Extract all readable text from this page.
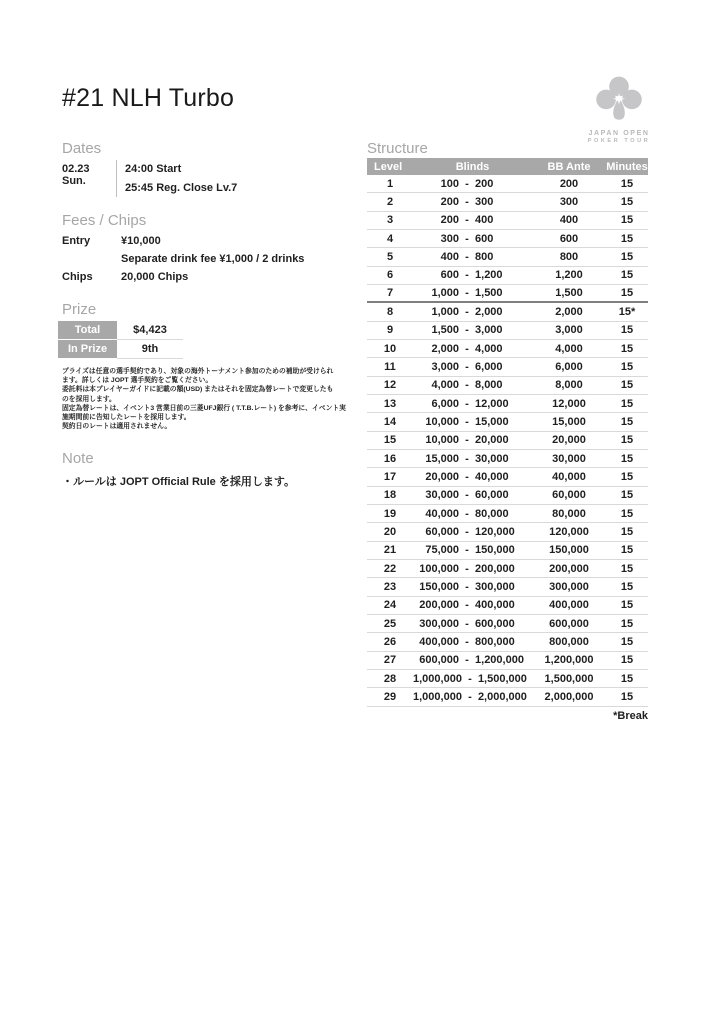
#21 NLH Turbo
JAPAN OPEN
POKER TOUR
Dates
02.23 Sun.
24:00 Start
25:45 Reg. Close Lv.7
Fees / Chips
Entry	¥10,000
Separate drink fee ¥1,000 / 2 drinks
Chips	20,000 Chips
Prize
Total	$4,423
In Prize	9th
プライズは任意の選手契約であり、対象の海外トーナメント参加のための補助が受けられ
ます。詳しくは JOPT 選手契約をご覧ください。
委託料は本プレイヤーガイドに記載の額(USD) またはそれを固定為替レートで変更したも
のを採用します。
固定為替レートは、イベント3 営業日前の三菱UFJ銀行 ( T.T.B.レート) を参考に、イベント実
施期間前に告知したレートを採用します。
契約日のレートは適用されません。
Note
・ルールは JOPT Official Rule を採用します。
Structure
Level	Blinds	BB Ante	Minutes
1	100 - 200	200	15
2	200 - 300	300	15
3	200 - 400	400	15
4	300 - 600	600	15
5	400 - 800	800	15
6	600 - 1,200	1,200	15
7	1,000 - 1,500	1,500	15
8	1,000 - 2,000	2,000	15*
9	1,500 - 3,000	3,000	15
10	2,000 - 4,000	4,000	15
11	3,000 - 6,000	6,000	15
12	4,000 - 8,000	8,000	15
13	6,000 - 12,000	12,000	15
14	10,000 - 15,000	15,000	15
15	10,000 - 20,000	20,000	15
16	15,000 - 30,000	30,000	15
17	20,000 - 40,000	40,000	15
18	30,000 - 60,000	60,000	15
19	40,000 - 80,000	80,000	15
20	60,000 - 120,000	120,000	15
21	75,000 - 150,000	150,000	15
22	100,000 - 200,000	200,000	15
23	150,000 - 300,000	300,000	15
24	200,000 - 400,000	400,000	15
25	300,000 - 600,000	600,000	15
26	400,000 - 800,000	800,000	15
27	600,000 - 1,200,000	1,200,000	15
28	1,000,000 - 1,500,000	1,500,000	15
29	1,000,000 - 2,000,000	2,000,000	15
*Break
